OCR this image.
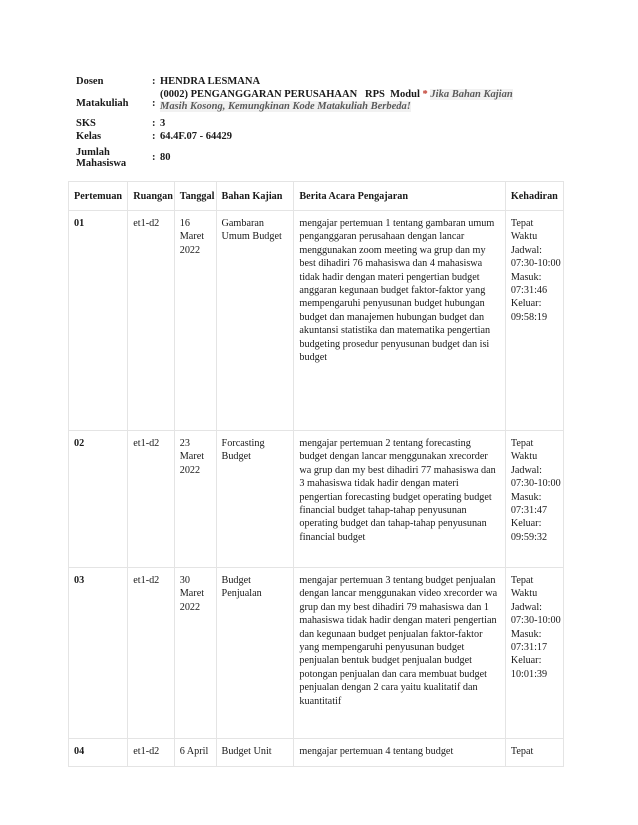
Dosen	: HENDRA LESMANA
Matakuliah	:
(0002) PENGANGGARAN PERUSAHAAN RPS Modul * Jika Bahan Kajian
Masih Kosong, Kemungkinan Kode Matakuliah Berbeda!
SKS	: 3
Kelas	: 64.4F.07 - 64429
Jumlah Mahasiswa
: 80
Pertemuan	Ruangan	Tanggal	Bahan Kajian	Berita Acara Pengajaran	Kehadiran
01	et1-d2	16 Maret 2022	Gambaran Umum Budget	mengajar pertemuan 1 tentang gambaran umum penganggaran perusahaan dengan lancar menggunakan zoom meeting wa grup dan my best dihadiri 76 mahasiswa dan 4 mahasiswa tidak hadir dengan materi pengertian budget anggaran kegunaan budget faktor-faktor yang mempengaruhi penyusunan budget hubungan budget dan manajemen hubungan budget dan akuntansi statistika dan matematika pengertian budgeting prosedur penyusunan budget dan isi budget	Tepat Waktu Jadwal: 07:30-10:00 Masuk: 07:31:46 Keluar: 09:58:19
02	et1-d2	23 Maret 2022	Forcasting Budget	mengajar pertemuan 2 tentang forecasting budget dengan lancar menggunakan xrecorder wa grup dan my best dihadiri 77 mahasiswa dan 3 mahasiswa tidak hadir dengan materi pengertian forecasting budget operating budget financial budget tahap-tahap penyusunan operating budget dan tahap-tahap penyusunan financial budget	Tepat Waktu Jadwal: 07:30-10:00 Masuk: 07:31:47 Keluar: 09:59:32
03	et1-d2	30 Maret 2022	Budget Penjualan	mengajar pertemuan 3 tentang budget penjualan dengan lancar menggunakan video xrecorder wa grup dan my best dihadiri 79 mahasiswa dan 1 mahasiswa tidak hadir dengan materi pengertian dan kegunaan budget penjualan faktor-faktor yang mempengaruhi penyusunan budget penjualan bentuk budget penjualan budget potongan penjualan dan cara membuat budget penjualan dengan 2 cara yaitu kualitatif dan kuantitatif	Tepat Waktu Jadwal: 07:30-10:00 Masuk: 07:31:17 Keluar: 10:01:39
04	et1-d2	6 April	Budget Unit	mengajar pertemuan 4 tentang budget	Tepat
